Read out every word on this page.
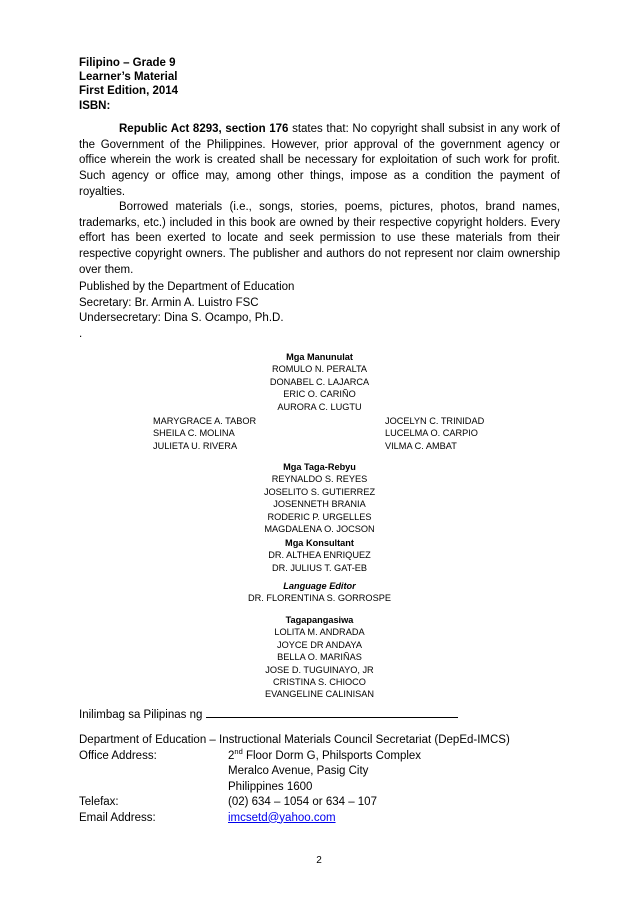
Filipino – Grade 9
Learner’s Material
First Edition, 2014
ISBN:

Republic Act 8293, section 176 states that: No copyright shall subsist in any work of the Government of the Philippines. However, prior approval of the government agency or office wherein the work is created shall be necessary for exploitation of such work for profit. Such agency or office may, among other things, impose as a condition the payment of royalties.

Borrowed materials (i.e., songs, stories, poems, pictures, photos, brand names, trademarks, etc.) included in this book are owned by their respective copyright holders. Every effort has been exerted to locate and seek permission to use these materials from their respective copyright owners. The publisher and authors do not represent nor claim ownership over them.

Published by the Department of Education
Secretary: Br. Armin A. Luistro FSC
Undersecretary: Dina S. Ocampo, Ph.D.
.
Mga Manunulat
ROMULO N. PERALTA
DONABEL C. LAJARCA
ERIC O. CARIÑO
AURORA C. LUGTU
MARYGRACE A. TABOR
SHEILA C. MOLINA
JULIETA U. RIVERA
JOCELYN C. TRINIDAD
LUCELMA O. CARPIO
VILMA C. AMBAT
Mga Taga-Rebyu
REYNALDO S. REYES
JOSELITO S. GUTIERREZ
JOSENNETH BRANIA
RODERIC P. URGELLES
MAGDALENA O. JOCSON
Mga Konsultant
DR. ALTHEA ENRIQUEZ
DR. JULIUS T. GAT-EB
Language Editor
DR. FLORENTINA S. GORROSPE
Tagapangasiwa
LOLITA M. ANDRADA
JOYCE DR ANDAYA
BELLA O. MARIÑAS
JOSE D. TUGUINAYO, JR
CRISTINA S. CHIOCO
EVANGELINE CALINISAN
Inilimbag sa Pilipinas ng
Department of Education – Instructional Materials Council Secretariat (DepEd-IMCS)
Office Address:	2nd Floor Dorm G, Philsports Complex
Meralco Avenue, Pasig City
Philippines 1600
Telefax:	(02) 634 – 1054 or 634 – 107
Email Address:	imcsetd@yahoo.com
2
